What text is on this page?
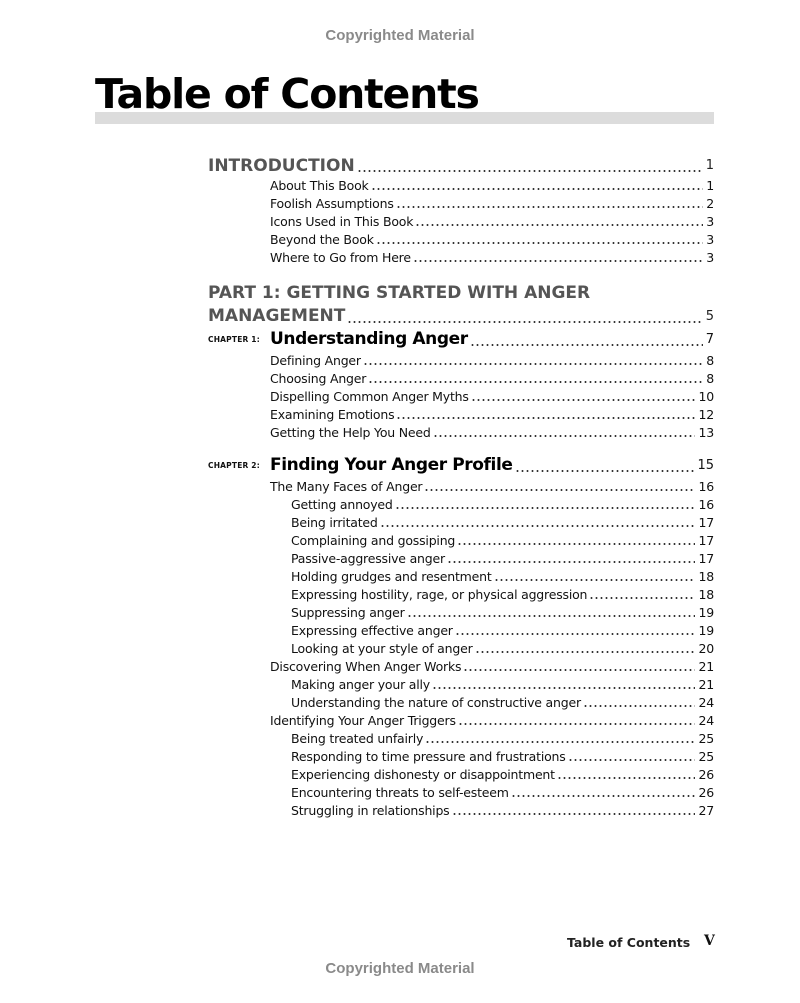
Copyrighted Material
Table of Contents
INTRODUCTION	1
About This Book	1
Foolish Assumptions	2
Icons Used in This Book	3
Beyond the Book	3
Where to Go from Here	3
PART 1: GETTING STARTED WITH ANGER
MANAGEMENT	5
CHAPTER 1: Understanding Anger	7
Defining Anger	8
Choosing Anger	8
Dispelling Common Anger Myths	10
Examining Emotions	12
Getting the Help You Need	13
CHAPTER 2: Finding Your Anger Profile	15
The Many Faces of Anger	16
Getting annoyed	16
Being irritated	17
Complaining and gossiping	17
Passive-aggressive anger	17
Holding grudges and resentment	18
Expressing hostility, rage, or physical aggression	18
Suppressing anger	19
Expressing effective anger	19
Looking at your style of anger	20
Discovering When Anger Works	21
Making anger your ally	21
Understanding the nature of constructive anger	24
Identifying Your Anger Triggers	24
Being treated unfairly	25
Responding to time pressure and frustrations	25
Experiencing dishonesty or disappointment	26
Encountering threats to self-esteem	26
Struggling in relationships	27
Table of Contents V
Copyrighted Material
